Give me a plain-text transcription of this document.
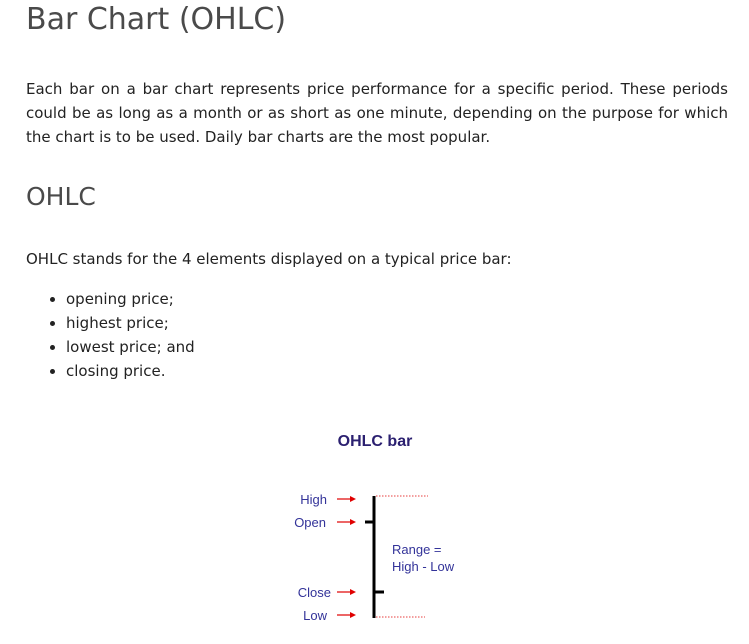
Bar Chart (OHLC)

Each bar on a bar chart represents price performance for a specific period. These periods could be as long as a month or as short as one minute, depending on the purpose for which the chart is to be used. Daily bar charts are the most popular.

OHLC

OHLC stands for the 4 elements displayed on a typical price bar:

• opening price;
• highest price;
• lowest price; and
• closing price.
OHLC bar
High
Open
Close
Low
Range =
High - Low
